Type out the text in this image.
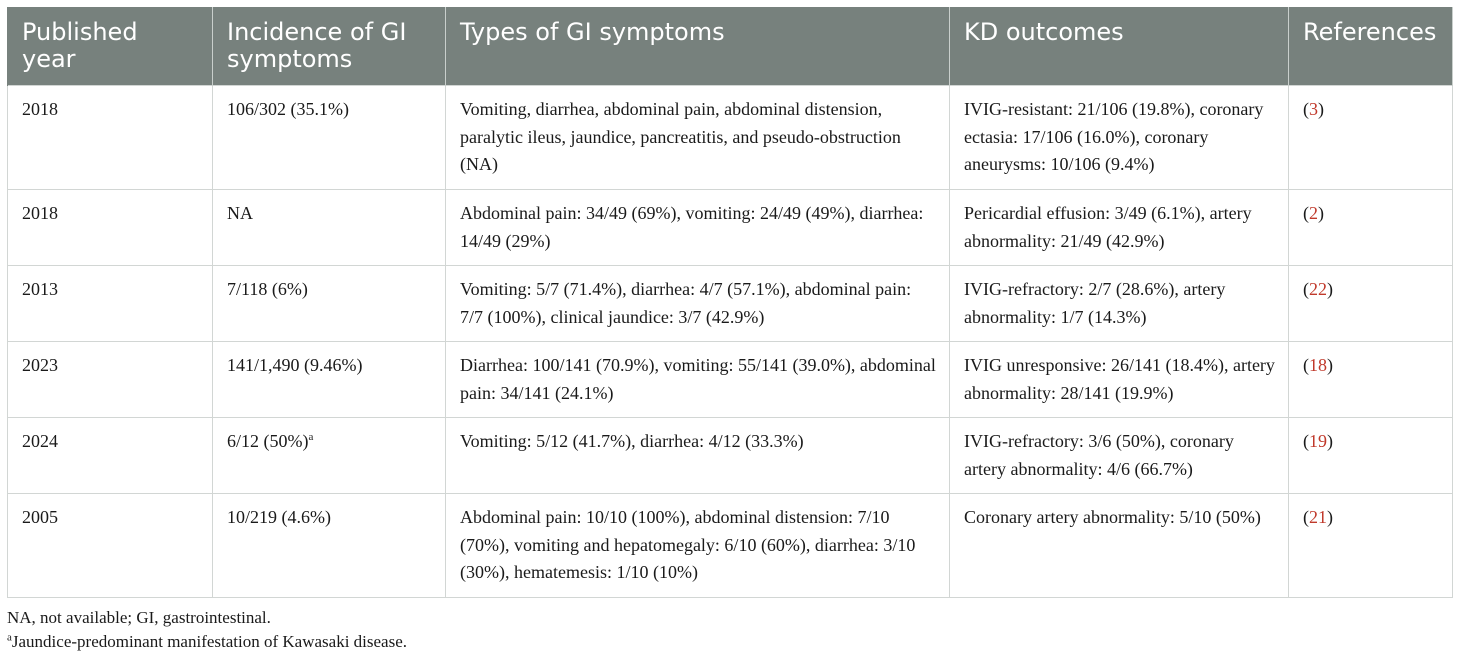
Published year	Incidence of GI symptoms	Types of GI symptoms	KD outcomes	References
2018	106/302 (35.1%)	Vomiting, diarrhea, abdominal pain, abdominal distension, paralytic ileus, jaundice, pancreatitis, and pseudo-obstruction (NA)	IVIG-resistant: 21/106 (19.8%), coronary ectasia: 17/106 (16.0%), coronary aneurysms: 10/106 (9.4%)	(3)
2018	NA	Abdominal pain: 34/49 (69%), vomiting: 24/49 (49%), diarrhea: 14/49 (29%)	Pericardial effusion: 3/49 (6.1%), artery abnormality: 21/49 (42.9%)	(2)
2013	7/118 (6%)	Vomiting: 5/7 (71.4%), diarrhea: 4/7 (57.1%), abdominal pain: 7/7 (100%), clinical jaundice: 3/7 (42.9%)	IVIG-refractory: 2/7 (28.6%), artery abnormality: 1/7 (14.3%)	(22)
2023	141/1,490 (9.46%)	Diarrhea: 100/141 (70.9%), vomiting: 55/141 (39.0%), abdominal pain: 34/141 (24.1%)	IVIG unresponsive: 26/141 (18.4%), artery abnormality: 28/141 (19.9%)	(18)
2024	6/12 $(50\%)^a$	Vomiting: 5/12 (41.7%), diarrhea: 4/12 (33.3%)	IVIG-refractory: 3/6 (50%), coronary artery abnormality: 4/6 (66.7%)	(19)
2005	10/219 (4.6%)	Abdominal pain: 10/10 (100%), abdominal distension: 7/10 (70%), vomiting and hepatomegaly: 6/10 (60%), diarrhea: 3/10 (30%), hematemesis: 1/10 (10%)	Coronary artery abnormality: 5/10 (50%)	(21)
NA, not available; GI, gastrointestinal.
$^a$Jaundice-predominant manifestation of Kawasaki disease.
